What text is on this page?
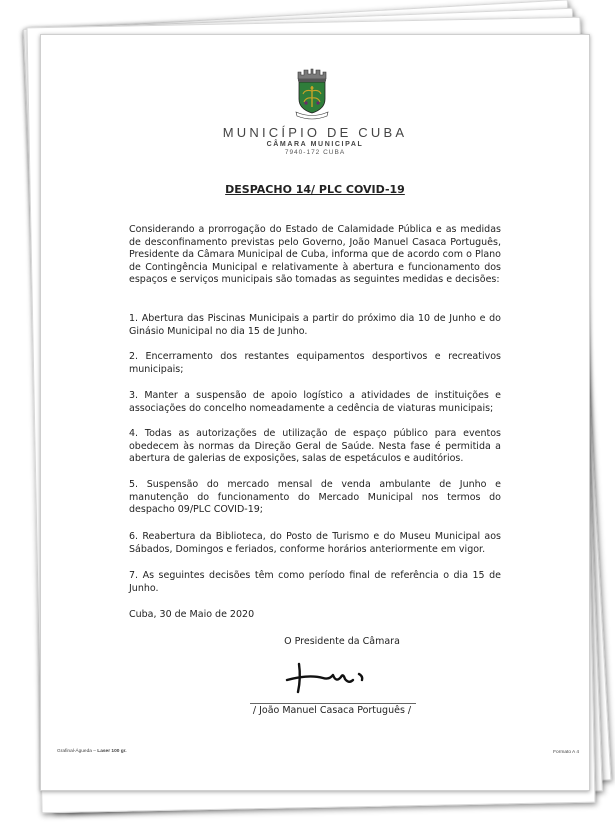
MUNICÍPIO DE CUBA
CÂMARA MUNICIPAL
7940-172 CUBA
DESPACHO 14/ PLC COVID-19
Considerando a prorrogação do Estado de Calamidade Pública e as medidas de desconfinamento previstas pelo Governo, João Manuel Casaca Português, Presidente da Câmara Municipal de Cuba, informa que de acordo com o Plano de Contingência Municipal e relativamente à abertura e funcionamento dos espaços e serviços municipais são tomadas as seguintes medidas e decisões:
1. Abertura das Piscinas Municipais a partir do próximo dia 10 de Junho e do Ginásio Municipal no dia 15 de Junho.
2. Encerramento dos restantes equipamentos desportivos e recreativos municipais;
3. Manter a suspensão de apoio logístico a atividades de instituições e associações do concelho nomeadamente a cedência de viaturas municipais;
4. Todas as autorizações de utilização de espaço público para eventos obedecem às normas da Direção Geral de Saúde. Nesta fase é permitida a abertura de galerias de exposições, salas de espetáculos e auditórios.
5. Suspensão do mercado mensal de venda ambulante de Junho e manutenção do funcionamento do Mercado Municipal nos termos do despacho 09/PLC COVID-19;
6. Reabertura da Biblioteca, do Posto de Turismo e do Museu Municipal aos Sábados, Domingos e feriados, conforme horários anteriormente em vigor.
7. As seguintes decisões têm como período final de referência o dia 15 de Junho.
Cuba, 30 de Maio de 2020
O Presidente da Câmara
/ João Manuel Casaca Português /
Grafinal-Águeda – Laser 100 gr.	Formato A 4
